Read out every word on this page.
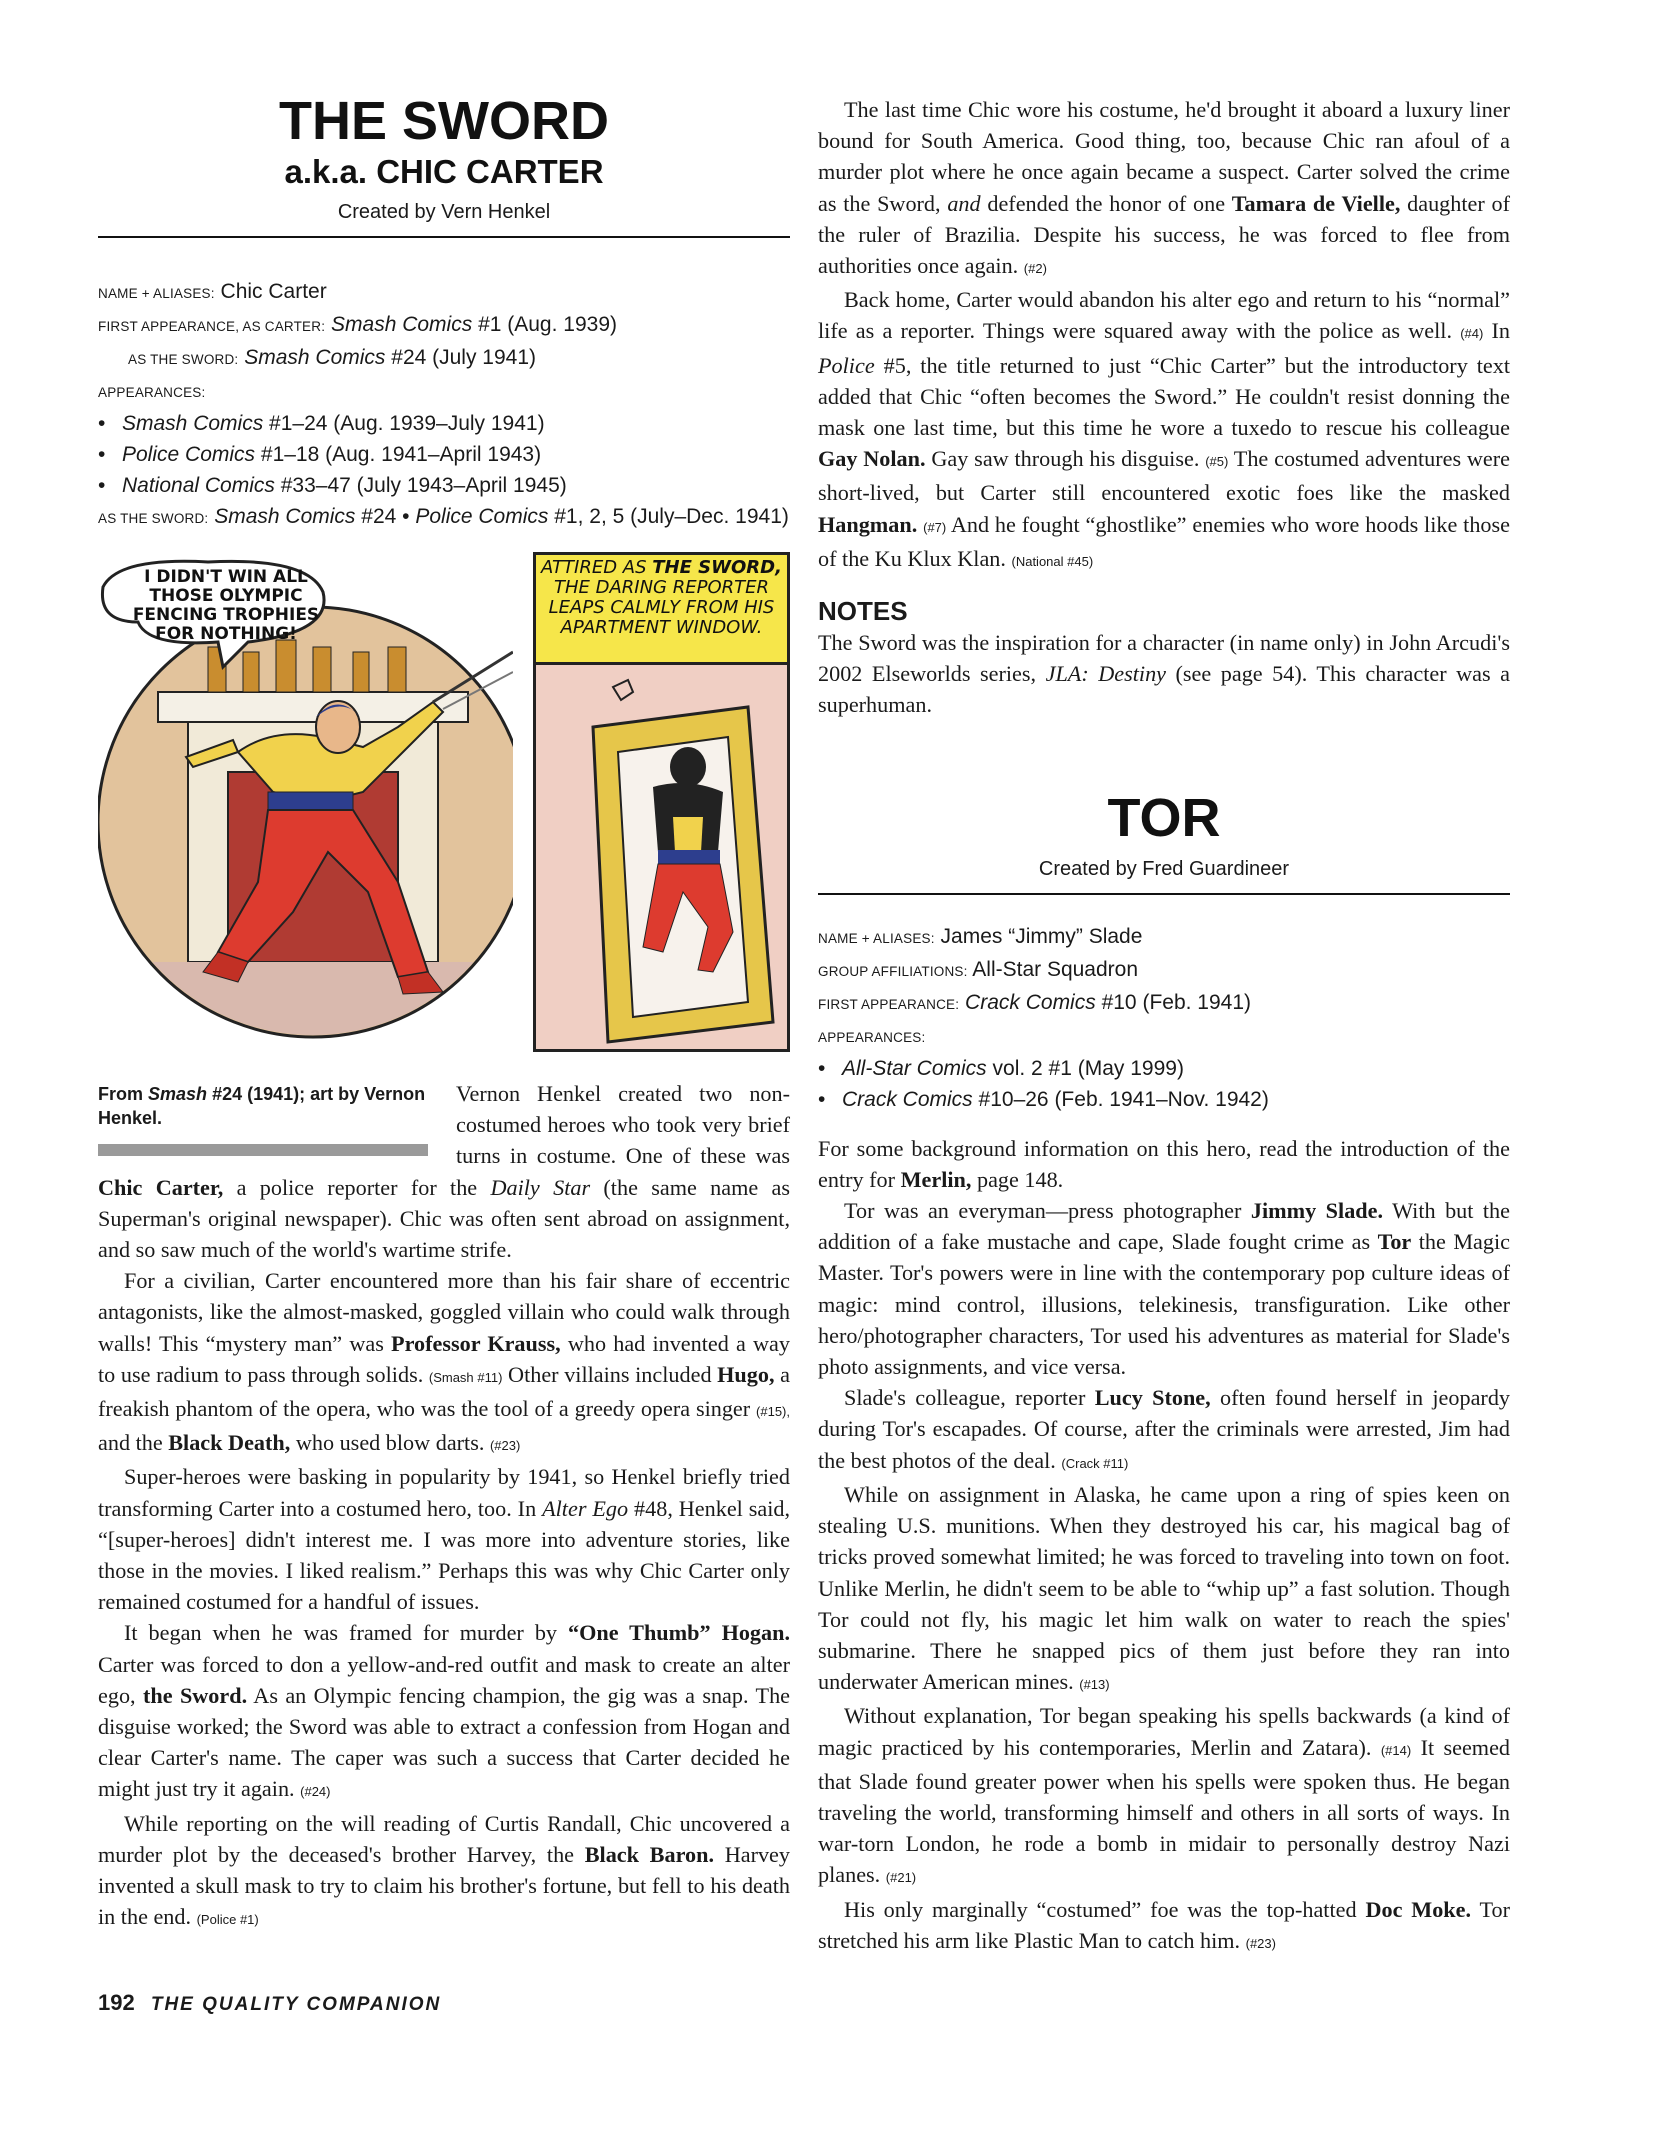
THE SWORD
a.k.a. CHIC CARTER
Created by Vern Henkel
NAME + ALIASES: Chic Carter
FIRST APPEARANCE, AS CARTER: Smash Comics #1 (Aug. 1939)
AS THE SWORD: Smash Comics #24 (July 1941)
APPEARANCES:
• Smash Comics #1–24 (Aug. 1939–July 1941)
• Police Comics #1–18 (Aug. 1941–April 1943)
• National Comics #33–47 (July 1943–April 1945)
AS THE SWORD: Smash Comics #24 • Police Comics #1, 2, 5 (July–Dec. 1941)
I DIDN'T WIN ALL THOSE OLYMPIC FENCING TROPHIES FOR NOTHING!
ATTIRED AS THE SWORD, THE DARING REPORTER LEAPS CALMLY FROM HIS APARTMENT WINDOW.
From Smash #24 (1941); art by Vernon Henkel.

Vernon Henkel created two non-costumed heroes who took very brief turns in costume. One of these was Chic Carter, a police reporter for the Daily Star (the same name as Superman's original newspaper). Chic was often sent abroad on assignment, and so saw much of the world's wartime strife.

For a civilian, Carter encountered more than his fair share of eccentric antagonists, like the almost-masked, goggled villain who could walk through walls! This “mystery man” was Professor Krauss, who had invented a way to use radium to pass through solids. (Smash #11) Other villains included Hugo, a freakish phantom of the opera, who was the tool of a greedy opera singer (#15), and the Black Death, who used blow darts. (#23)

Super-heroes were basking in popularity by 1941, so Henkel briefly tried transforming Carter into a costumed hero, too. In Alter Ego #48, Henkel said, “[super-heroes] didn't interest me. I was more into adventure stories, like those in the movies. I liked realism.” Perhaps this was why Chic Carter only remained costumed for a handful of issues.

It began when he was framed for murder by “One Thumb” Hogan. Carter was forced to don a yellow-and-red outfit and mask to create an alter ego, the Sword. As an Olympic fencing champion, the gig was a snap. The disguise worked; the Sword was able to extract a confession from Hogan and clear Carter's name. The caper was such a success that Carter decided he might just try it again. (#24)

While reporting on the will reading of Curtis Randall, Chic uncovered a murder plot by the deceased's brother Harvey, the Black Baron. Harvey invented a skull mask to try to claim his brother's fortune, but fell to his death in the end. (Police #1)

The last time Chic wore his costume, he'd brought it aboard a luxury liner bound for South America. Good thing, too, because Chic ran afoul of a murder plot where he once again became a suspect. Carter solved the crime as the Sword, and defended the honor of one Tamara de Vielle, daughter of the ruler of Brazilia. Despite his success, he was forced to flee from authorities once again. (#2)

Back home, Carter would abandon his alter ego and return to his “normal” life as a reporter. Things were squared away with the police as well. (#4) In Police #5, the title returned to just “Chic Carter” but the introductory text added that Chic “often becomes the Sword.” He couldn't resist donning the mask one last time, but this time he wore a tuxedo to rescue his colleague Gay Nolan. Gay saw through his disguise. (#5) The costumed adventures were short-lived, but Carter still encountered exotic foes like the masked Hangman. (#7) And he fought “ghostlike” enemies who wore hoods like those of the Ku Klux Klan. (National #45)

NOTES

The Sword was the inspiration for a character (in name only) in John Arcudi's 2002 Elseworlds series, JLA: Destiny (see page 54). This character was a superhuman.

TOR
Created by Fred Guardineer
NAME + ALIASES: James “Jimmy” Slade
GROUP AFFILIATIONS: All-Star Squadron
FIRST APPEARANCE: Crack Comics #10 (Feb. 1941)
APPEARANCES:
• All-Star Comics vol. 2 #1 (May 1999)
• Crack Comics #10–26 (Feb. 1941–Nov. 1942)

For some background information on this hero, read the introduction of the entry for Merlin, page 148.

Tor was an everyman—press photographer Jimmy Slade. With but the addition of a fake mustache and cape, Slade fought crime as Tor the Magic Master. Tor's powers were in line with the contemporary pop culture ideas of magic: mind control, illusions, telekinesis, transfiguration. Like other hero/photographer characters, Tor used his adventures as material for Slade's photo assignments, and vice versa.

Slade's colleague, reporter Lucy Stone, often found herself in jeopardy during Tor's escapades. Of course, after the criminals were arrested, Jim had the best photos of the deal. (Crack #11)

While on assignment in Alaska, he came upon a ring of spies keen on stealing U.S. munitions. When they destroyed his car, his magical bag of tricks proved somewhat limited; he was forced to traveling into town on foot. Unlike Merlin, he didn't seem to be able to “whip up” a fast solution. Though Tor could not fly, his magic let him walk on water to reach the spies' submarine. There he snapped pics of them just before they ran into underwater American mines. (#13)

Without explanation, Tor began speaking his spells backwards (a kind of magic practiced by his contemporaries, Merlin and Zatara). (#14) It seemed that Slade found greater power when his spells were spoken thus. He began traveling the world, transforming himself and others in all sorts of ways. In war-torn London, he rode a bomb in midair to personally destroy Nazi planes. (#21)

His only marginally “costumed” foe was the top-hatted Doc Moke. Tor stretched his arm like Plastic Man to catch him. (#23)

192 THE QUALITY COMPANION
